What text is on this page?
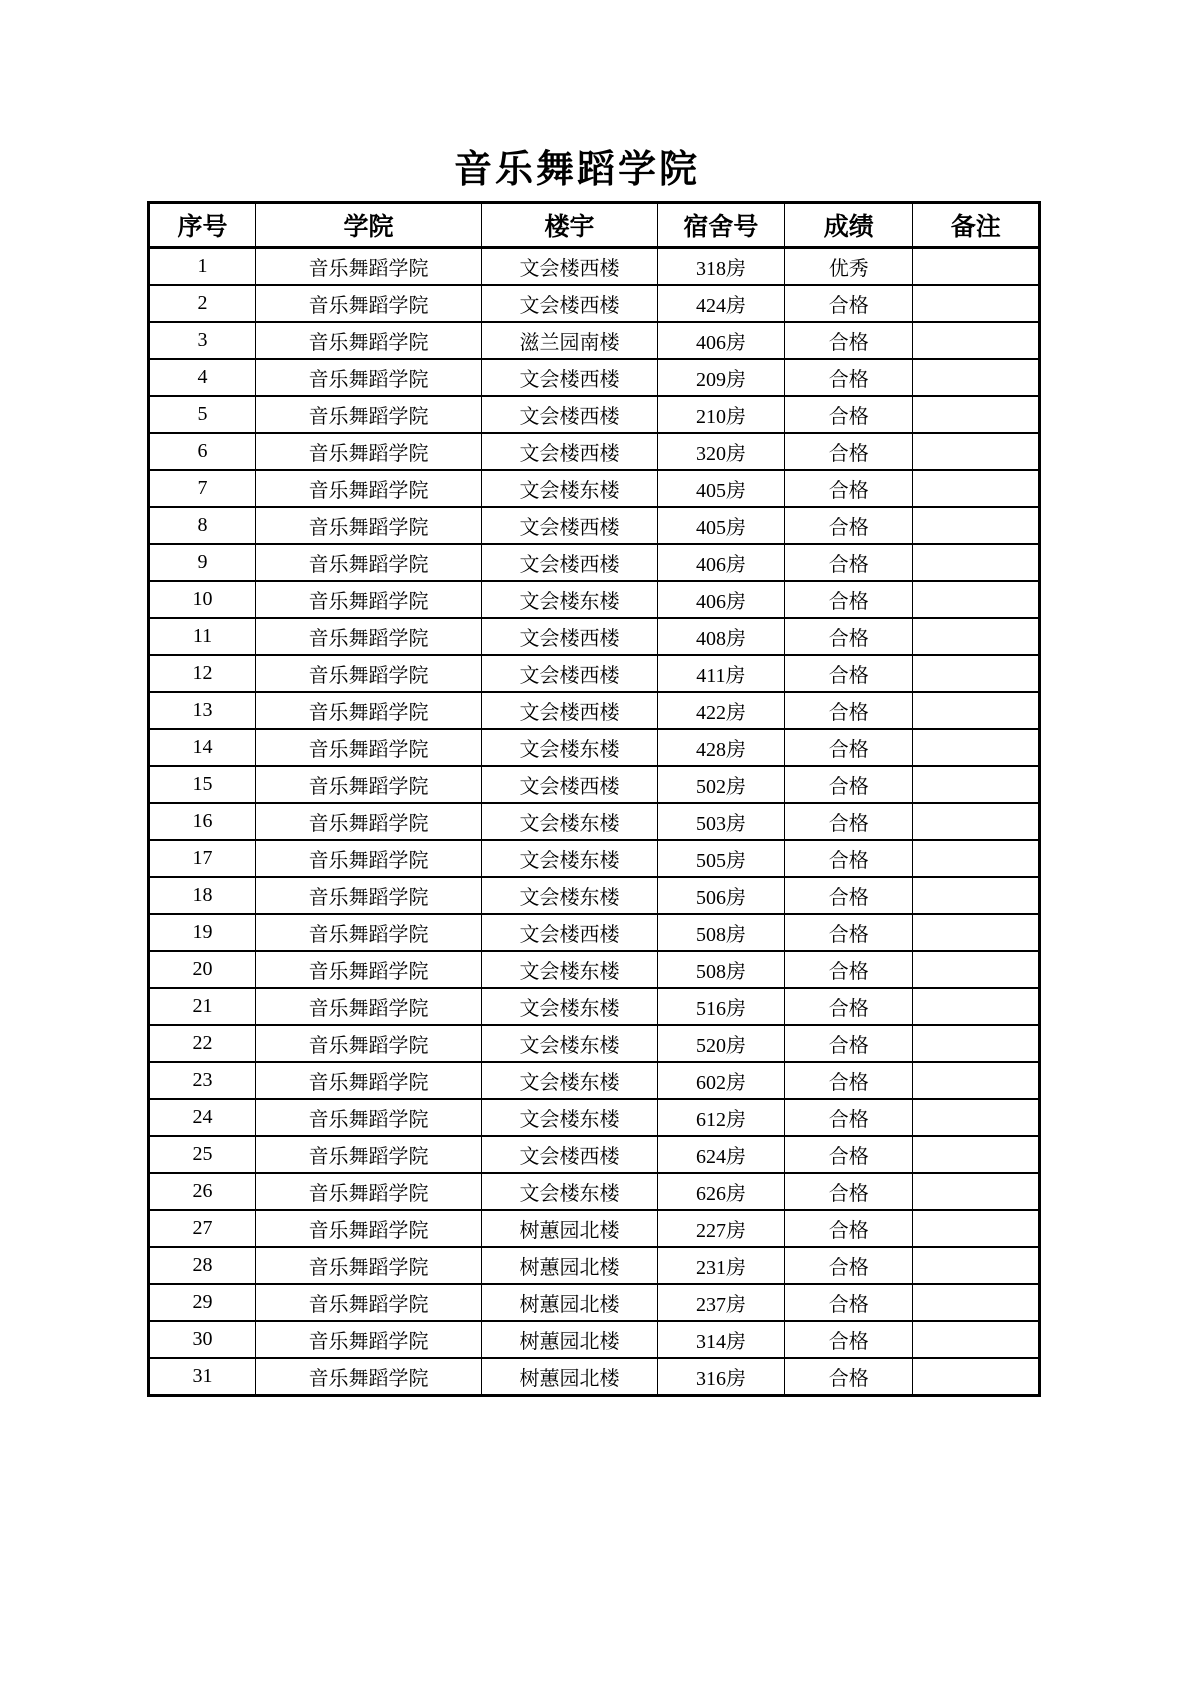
音乐舞蹈学院
序号	学院	楼宇	宿舍号	成绩	备注
1	音乐舞蹈学院	文会楼西楼	318房	优秀	
2	音乐舞蹈学院	文会楼西楼	424房	合格	
3	音乐舞蹈学院	滋兰园南楼	406房	合格	
4	音乐舞蹈学院	文会楼西楼	209房	合格	
5	音乐舞蹈学院	文会楼西楼	210房	合格	
6	音乐舞蹈学院	文会楼西楼	320房	合格	
7	音乐舞蹈学院	文会楼东楼	405房	合格	
8	音乐舞蹈学院	文会楼西楼	405房	合格	
9	音乐舞蹈学院	文会楼西楼	406房	合格	
10	音乐舞蹈学院	文会楼东楼	406房	合格	
11	音乐舞蹈学院	文会楼西楼	408房	合格	
12	音乐舞蹈学院	文会楼西楼	411房	合格	
13	音乐舞蹈学院	文会楼西楼	422房	合格	
14	音乐舞蹈学院	文会楼东楼	428房	合格	
15	音乐舞蹈学院	文会楼西楼	502房	合格	
16	音乐舞蹈学院	文会楼东楼	503房	合格	
17	音乐舞蹈学院	文会楼东楼	505房	合格	
18	音乐舞蹈学院	文会楼东楼	506房	合格	
19	音乐舞蹈学院	文会楼西楼	508房	合格	
20	音乐舞蹈学院	文会楼东楼	508房	合格	
21	音乐舞蹈学院	文会楼东楼	516房	合格	
22	音乐舞蹈学院	文会楼东楼	520房	合格	
23	音乐舞蹈学院	文会楼东楼	602房	合格	
24	音乐舞蹈学院	文会楼东楼	612房	合格	
25	音乐舞蹈学院	文会楼西楼	624房	合格	
26	音乐舞蹈学院	文会楼东楼	626房	合格	
27	音乐舞蹈学院	树蕙园北楼	227房	合格	
28	音乐舞蹈学院	树蕙园北楼	231房	合格	
29	音乐舞蹈学院	树蕙园北楼	237房	合格	
30	音乐舞蹈学院	树蕙园北楼	314房	合格	
31	音乐舞蹈学院	树蕙园北楼	316房	合格	
